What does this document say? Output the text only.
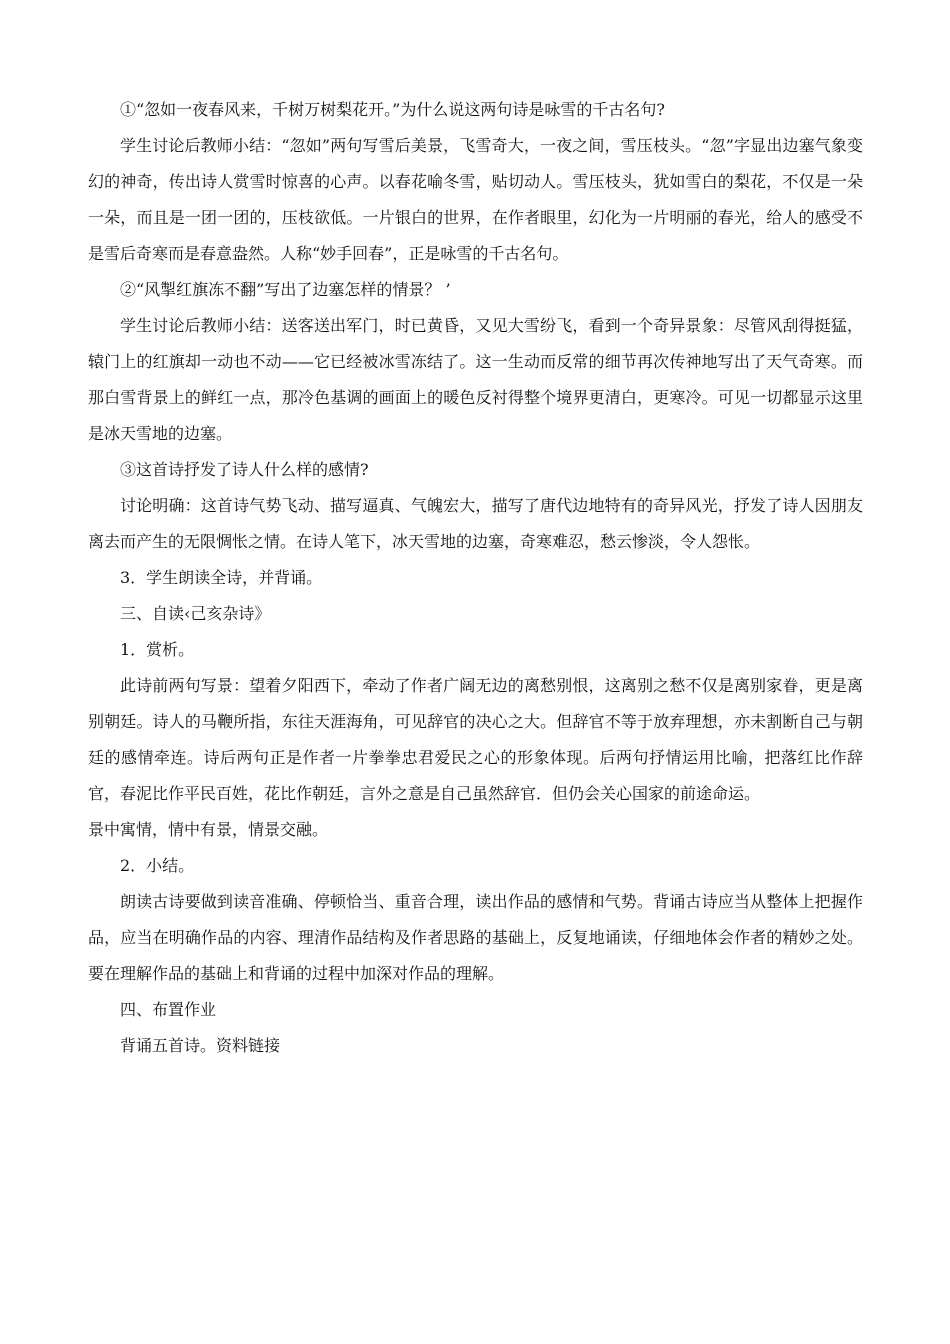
①“忽如一夜春风来，千树万树梨花开。”为什么说这两句诗是咏雪的千古名句?

学生讨论后教师小结：“忽如”两句写雪后美景，飞雪奇大，一夜之间，雪压枝头。“忽”字显出边塞气象变幻的神奇，传出诗人赏雪时惊喜的心声。以春花喻冬雪，贴切动人。雪压枝头，犹如雪白的梨花，不仅是一朵一朵，而且是一团一团的，压枝欲低。一片银白的世界，在作者眼里，幻化为一片明丽的春光，给人的感受不是雪后奇寒而是春意盎然。人称“妙手回春”，正是咏雪的千古名句。

②“风掣红旗冻不翻”写出了边塞怎样的情景？ ’

学生讨论后教师小结：送客送出军门，时已黄昏，又见大雪纷飞，看到一个奇异景象：尽管风刮得挺猛，辕门上的红旗却一动也不动——它已经被冰雪冻结了。这一生动而反常的细节再次传神地写出了天气奇寒。而那白雪背景上的鲜红一点，那冷色基调的画面上的暖色反衬得整个境界更清白，更寒冷。可见一切都显示这里是冰天雪地的边塞。

③这首诗抒发了诗人什么样的感情?

讨论明确：这首诗气势飞动、描写逼真、气魄宏大，描写了唐代边地特有的奇异风光，抒发了诗人因朋友离去而产生的无限惆怅之情。在诗人笔下，冰天雪地的边塞，奇寒难忍，愁云惨淡，令人怨怅。

3．学生朗读全诗，并背诵。

三、自读‹己亥杂诗》

1．赏析。

此诗前两句写景：望着夕阳西下，牵动了作者广阔无边的离愁别恨，这离别之愁不仅是离别家眷，更是离别朝廷。诗人的马鞭所指，东往天涯海角，可见辞官的决心之大。但辞官不等于放弃理想，亦未割断自己与朝廷的感情牵连。诗后两句正是作者一片拳拳忠君爱民之心的形象体现。后两句抒情运用比喻，把落红比作辞官，春泥比作平民百姓，花比作朝廷，言外之意是自己虽然辞官．但仍会关心国家的前途命运。

景中寓情，情中有景，情景交融。

2．小结。

朗读古诗要做到读音准确、停顿恰当、重音合理，读出作品的感情和气势。背诵古诗应当从整体上把握作品，应当在明确作品的内容、理清作品结构及作者思路的基础上，反复地诵读，仔细地体会作者的精妙之处。要在理解作品的基础上和背诵的过程中加深对作品的理解。

四、布置作业

背诵五首诗。资料链接
